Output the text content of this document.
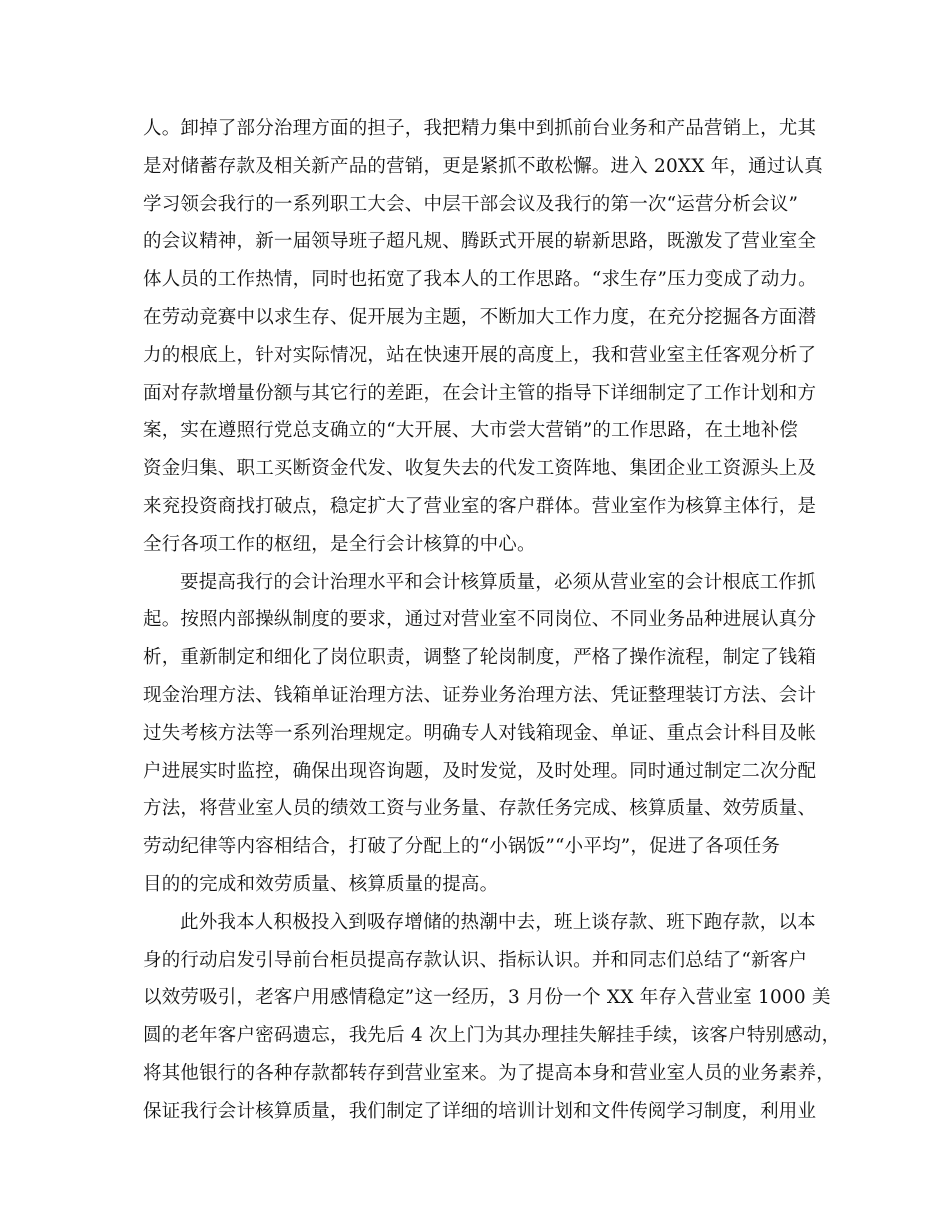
人。卸掉了部分治理方面的担子，我把精力集中到抓前台业务和产品营销上，尤其
是对储蓄存款及相关新产品的营销，更是紧抓不敢松懈。进入 20XX 年，通过认真
学习领会我行的一系列职工大会、中层干部会议及我行的第一次“运营分析会议”
的会议精神，新一届领导班子超凡规、腾跃式开展的崭新思路，既激发了营业室全
体人员的工作热情，同时也拓宽了我本人的工作思路。“求生存”压力变成了动力。
在劳动竞赛中以求生存、促开展为主题，不断加大工作力度，在充分挖掘各方面潜
力的根底上，针对实际情况，站在快速开展的高度上，我和营业室主任客观分析了
面对存款增量份额与其它行的差距，在会计主管的指导下详细制定了工作计划和方
案，实在遵照行党总支确立的“大开展、大市尝大营销”的工作思路，在土地补偿
资金归集、职工买断资金代发、收复失去的代发工资阵地、集团企业工资源头上及
来兖投资商找打破点，稳定扩大了营业室的客户群体。营业室作为核算主体行，是
全行各项工作的枢纽，是全行会计核算的中心。
要提高我行的会计治理水平和会计核算质量，必须从营业室的会计根底工作抓
起。按照内部操纵制度的要求，通过对营业室不同岗位、不同业务品种进展认真分
析，重新制定和细化了岗位职责，调整了轮岗制度，严格了操作流程，制定了钱箱
现金治理方法、钱箱单证治理方法、证券业务治理方法、凭证整理装订方法、会计
过失考核方法等一系列治理规定。明确专人对钱箱现金、单证、重点会计科目及帐
户进展实时监控，确保出现咨询题，及时发觉，及时处理。同时通过制定二次分配
方法，将营业室人员的绩效工资与业务量、存款任务完成、核算质量、效劳质量、
劳动纪律等内容相结合，打破了分配上的“小锅饭”“小平均”，促进了各项任务
目的的完成和效劳质量、核算质量的提高。
此外我本人积极投入到吸存增储的热潮中去，班上谈存款、班下跑存款，以本
身的行动启发引导前台柜员提高存款认识、指标认识。并和同志们总结了“新客户
以效劳吸引，老客户用感情稳定”这一经历，3 月份一个 XX 年存入营业室 1000 美
圆的老年客户密码遗忘，我先后 4 次上门为其办理挂失解挂手续，该客户特别感动，
将其他银行的各种存款都转存到营业室来。为了提高本身和营业室人员的业务素养，
保证我行会计核算质量，我们制定了详细的培训计划和文件传阅学习制度，利用业
